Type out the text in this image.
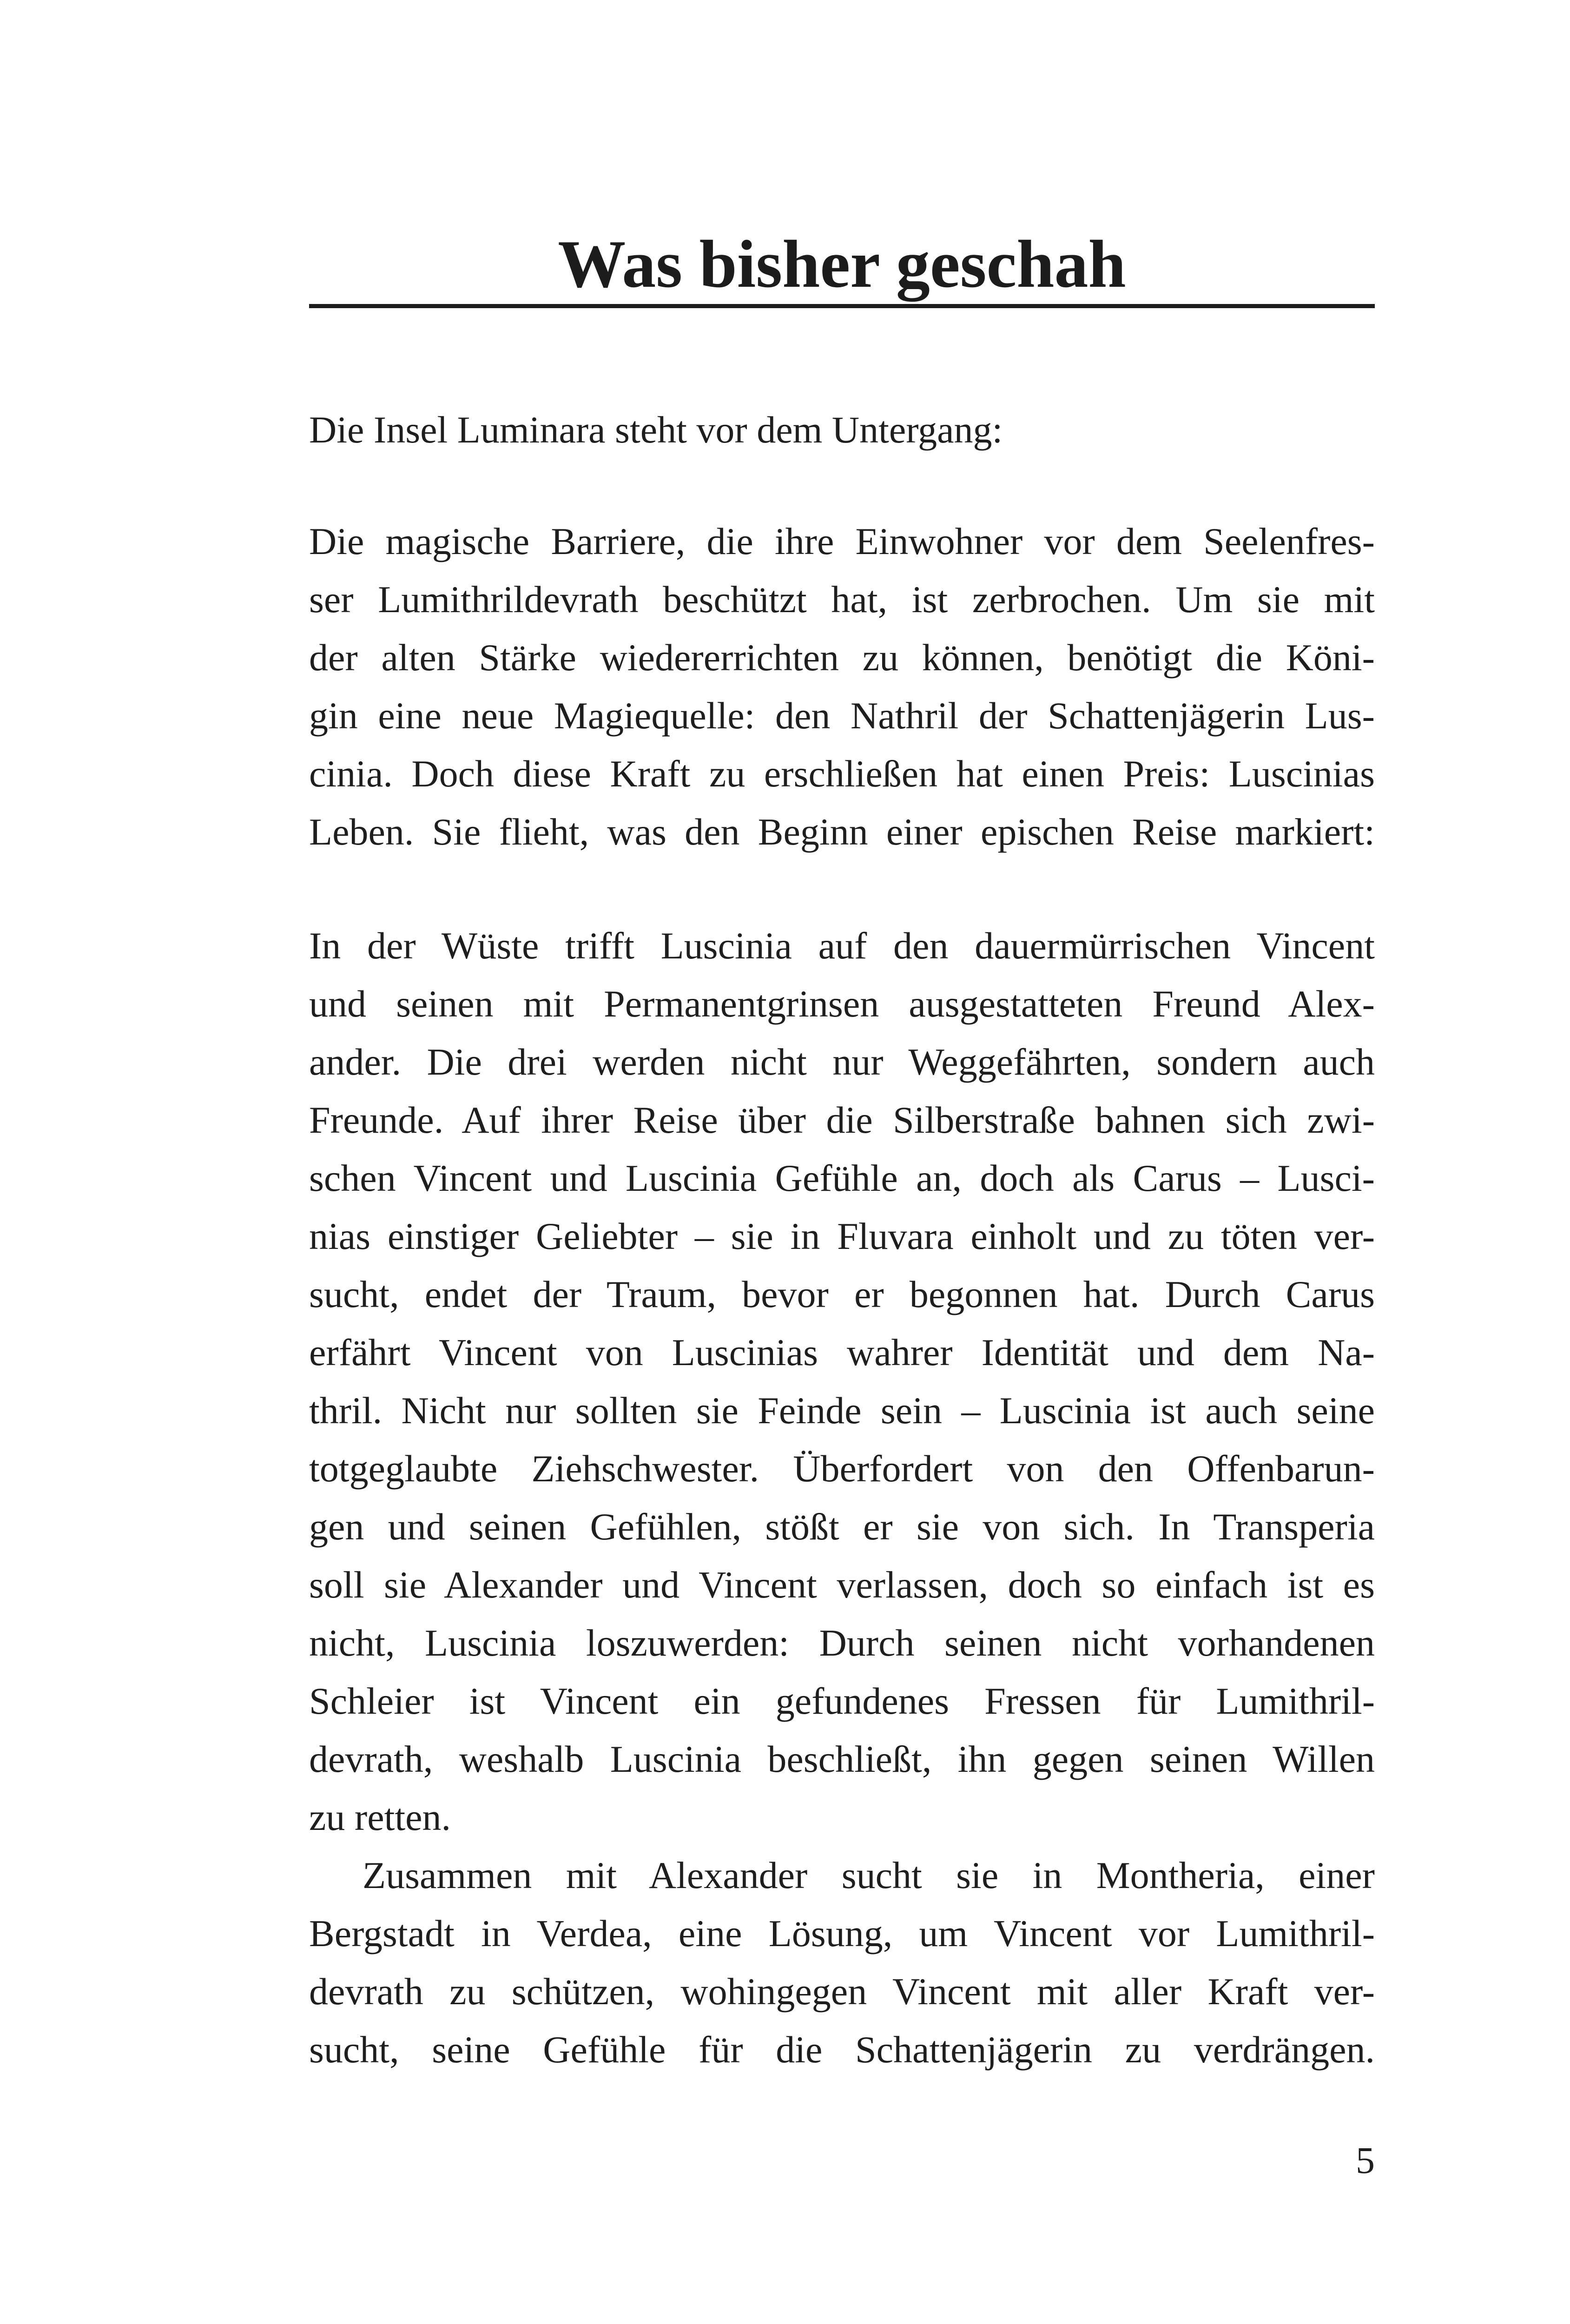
Was bisher geschah
Die Insel Luminara steht vor dem Untergang:
Die magische Barriere, die ihre Einwohner vor dem Seelenfres-
ser Lumithrildevrath beschützt hat, ist zerbrochen. Um sie mit
der alten Stärke wiedererrichten zu können, benötigt die Köni-
gin eine neue Magiequelle: den Nathril der Schattenjägerin Lus-
cinia. Doch diese Kraft zu erschließen hat einen Preis: Luscinias
Leben. Sie flieht, was den Beginn einer epischen Reise markiert:
In der Wüste trifft Luscinia auf den dauermürrischen Vincent
und seinen mit Permanentgrinsen ausgestatteten Freund Alex-
ander. Die drei werden nicht nur Weggefährten, sondern auch
Freunde. Auf ihrer Reise über die Silberstraße bahnen sich zwi-
schen Vincent und Luscinia Gefühle an, doch als Carus – Lusci-
nias einstiger Geliebter – sie in Fluvara einholt und zu töten ver-
sucht, endet der Traum, bevor er begonnen hat. Durch Carus
erfährt Vincent von Luscinias wahrer Identität und dem Na-
thril. Nicht nur sollten sie Feinde sein – Luscinia ist auch seine
totgeglaubte Ziehschwester. Überfordert von den Offenbarun-
gen und seinen Gefühlen, stößt er sie von sich. In Transperia
soll sie Alexander und Vincent verlassen, doch so einfach ist es
nicht, Luscinia loszuwerden: Durch seinen nicht vorhandenen
Schleier ist Vincent ein gefundenes Fressen für Lumithril-
devrath, weshalb Luscinia beschließt, ihn gegen seinen Willen
zu retten.
Zusammen mit Alexander sucht sie in Montheria, einer
Bergstadt in Verdea, eine Lösung, um Vincent vor Lumithril-
devrath zu schützen, wohingegen Vincent mit aller Kraft ver-
sucht, seine Gefühle für die Schattenjägerin zu verdrängen.
5
